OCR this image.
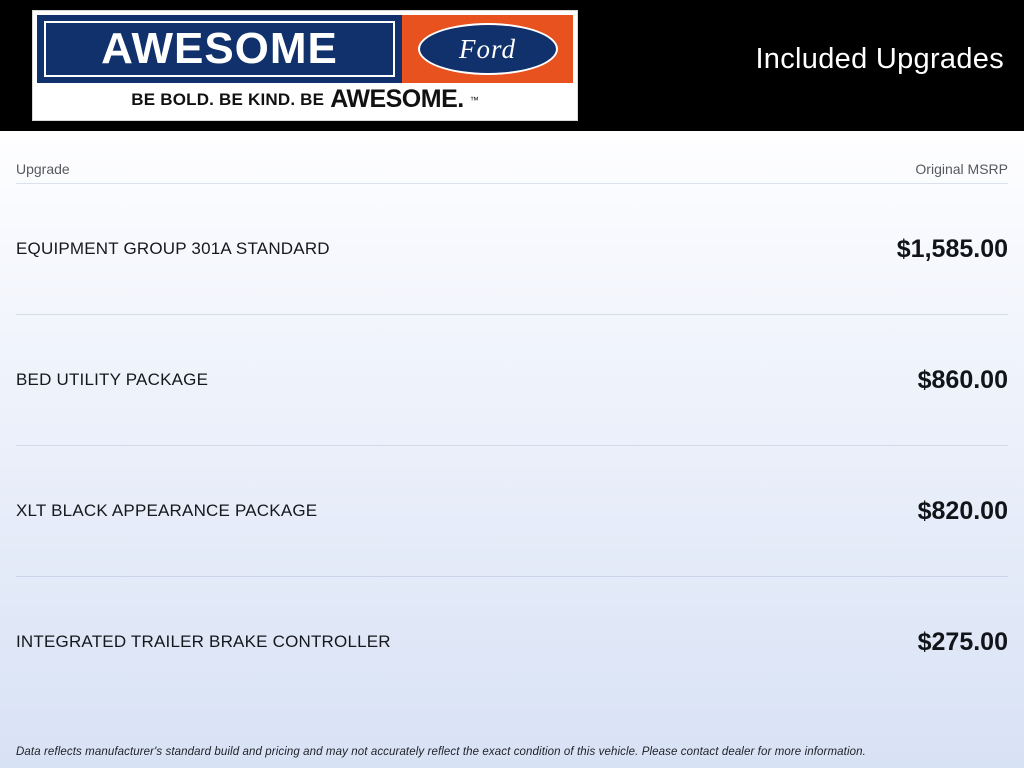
AWESOME	Ford
BE BOLD. BE KIND. BE AWESOME. ™
Included Upgrades
Upgrade	Original MSRP
EQUIPMENT GROUP 301A STANDARD	$1,585.00
BED UTILITY PACKAGE	$860.00
XLT BLACK APPEARANCE PACKAGE	$820.00
INTEGRATED TRAILER BRAKE CONTROLLER	$275.00
Data reflects manufacturer's standard build and pricing and may not accurately reflect the exact condition of this vehicle. Please contact dealer for more information.
